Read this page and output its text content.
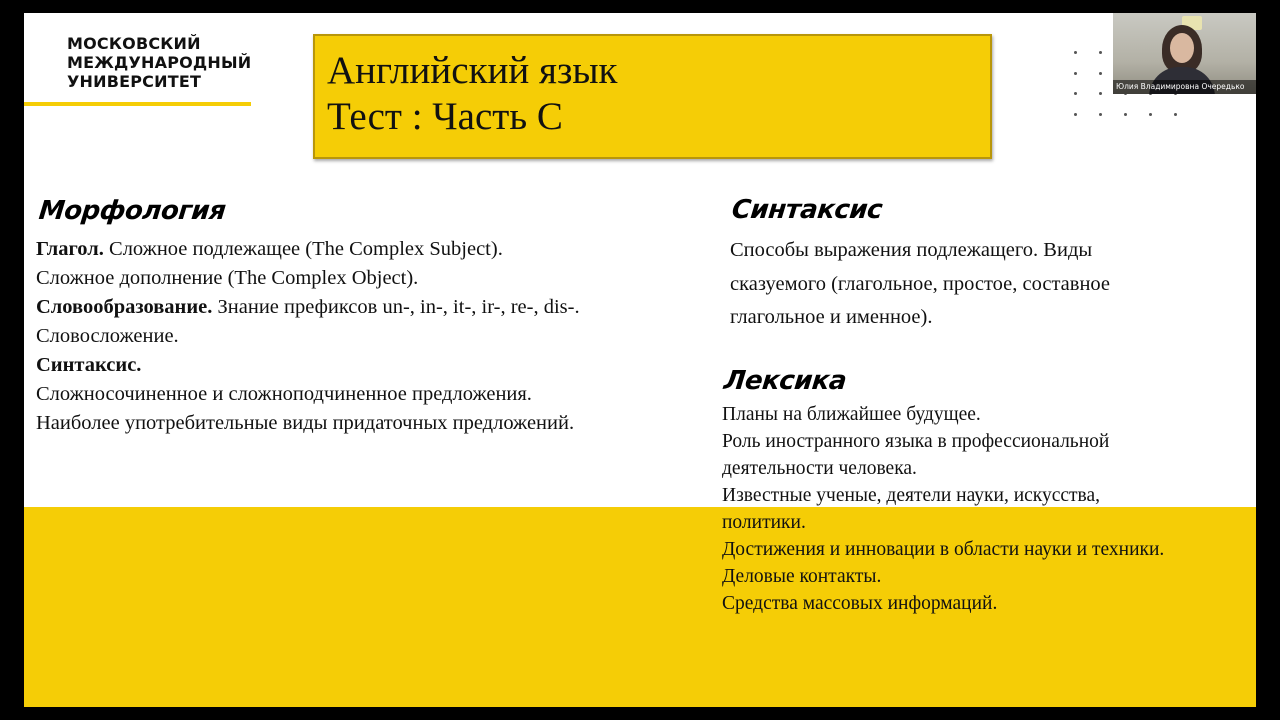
МОСКОВСКИЙ
МЕЖДУНАРОДНЫЙ
УНИВЕРСИТЕТ	Английский язык
Тест : Часть С
Морфология
Глагол. Сложное подлежащее (The Complex Subject).
Сложное дополнение (The Complex Object).
Словообразование. Знание префиксов un-, in-, it-, ir-, re-, dis-.
Словосложение.
Синтаксис.
Сложносочиненное и сложноподчиненное предложения.
Наиболее употребительные виды придаточных предложений.
Синтаксис
Способы выражения подлежащего. Виды
сказуемого (глагольное, простое, составное
глагольное и именное).
Лексика
Планы на ближайшее будущее.
Роль иностранного языка в профессиональной
деятельности человека.
Известные ученые, деятели науки, искусства,
политики.
Достижения и инновации в области науки и техники.
Деловые контакты.
Средства массовых информаций.
Юлия Владимировна Очередько
